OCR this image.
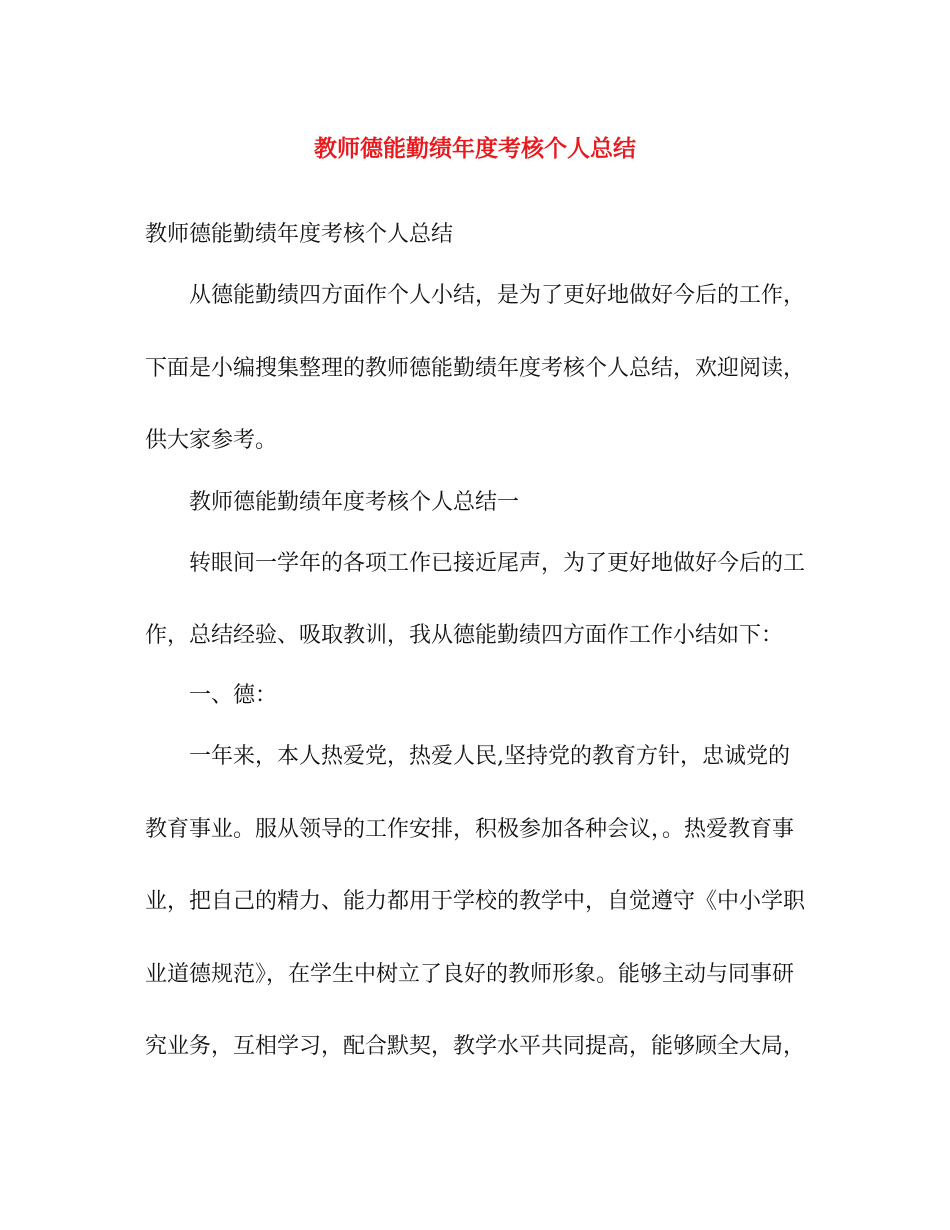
教师德能勤绩年度考核个人总结

教师德能勤绩年度考核个人总结

从德能勤绩四方面作个人小结，是为了更好地做好今后的工作，

下面是小编搜集整理的教师德能勤绩年度考核个人总结，欢迎阅读，

供大家参考。

教师德能勤绩年度考核个人总结一

转眼间一学年的各项工作已接近尾声，为了更好地做好今后的工

作，总结经验、吸取教训，我从德能勤绩四方面作工作小结如下：

一、德：

一年来，本人热爱党，热爱人民,坚持党的教育方针，忠诚党的

教育事业。服从领导的工作安排，积极参加各种会议，。热爱教育事

业，把自己的精力、能力都用于学校的教学中，自觉遵守《中小学职

业道德规范》，在学生中树立了良好的教师形象。能够主动与同事研

究业务，互相学习，配合默契，教学水平共同提高，能够顾全大局，
